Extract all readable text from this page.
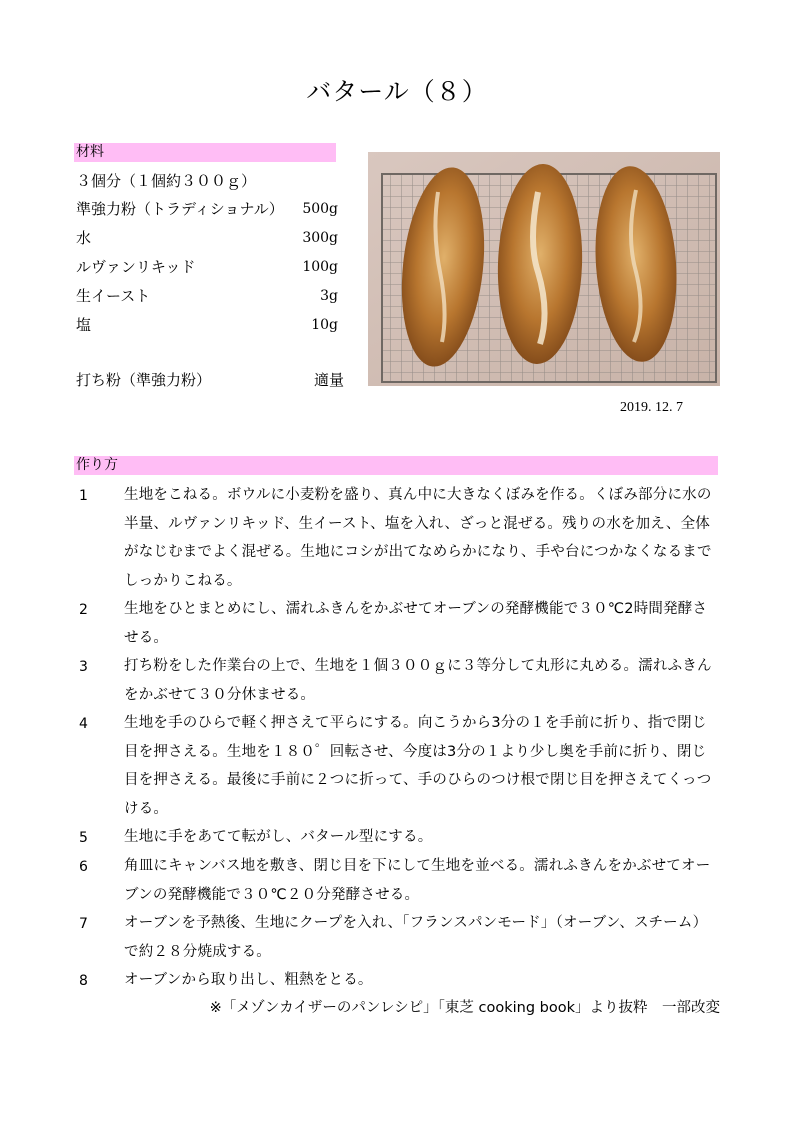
バタール（８）
材料
３個分（１個約３００ｇ）
準強力粉（トラディショナル） 500g
水	300g
ルヴァンリキッド	100g
生イースト	3g
塩	10g
打ち粉（準強力粉）	適量
2019. 12. 7
作り方
1 生地をこねる。ボウルに小麦粉を盛り、真ん中に大きなくぼみを作る。くぼみ部分に水の半量、ルヴァンリキッド、生イースト、塩を入れ、ざっと混ぜる。残りの水を加え、全体がなじむまでよく混ぜる。生地にコシが出てなめらかになり、手や台につかなくなるまでしっかりこねる。
2 生地をひとまとめにし、濡れふきんをかぶせてオーブンの発酵機能で３０℃2時間発酵させる。
3 打ち粉をした作業台の上で、生地を１個３００ｇに３等分して丸形に丸める。濡れふきんをかぶせて３０分休ませる。
4 生地を手のひらで軽く押さえて平らにする。向こうから3分の１を手前に折り、指で閉じ目を押さえる。生地を１８０゜回転させ、今度は3分の１より少し奥を手前に折り、閉じ目を押さえる。最後に手前に２つに折って、手のひらのつけ根で閉じ目を押さえてくっつける。
5 生地に手をあてて転がし、バタール型にする。
6 角皿にキャンバス地を敷き、閉じ目を下にして生地を並べる。濡れふきんをかぶせてオーブンの発酵機能で３０℃２０分発酵させる。
7 オーブンを予熱後、生地にクープを入れ、「フランスパンモード」（オーブン、スチーム）で約２８分焼成する。
8 オーブンから取り出し、粗熱をとる。
※「メゾンカイザーのパンレシピ」「東芝 cooking book」より抜粋　一部改変
